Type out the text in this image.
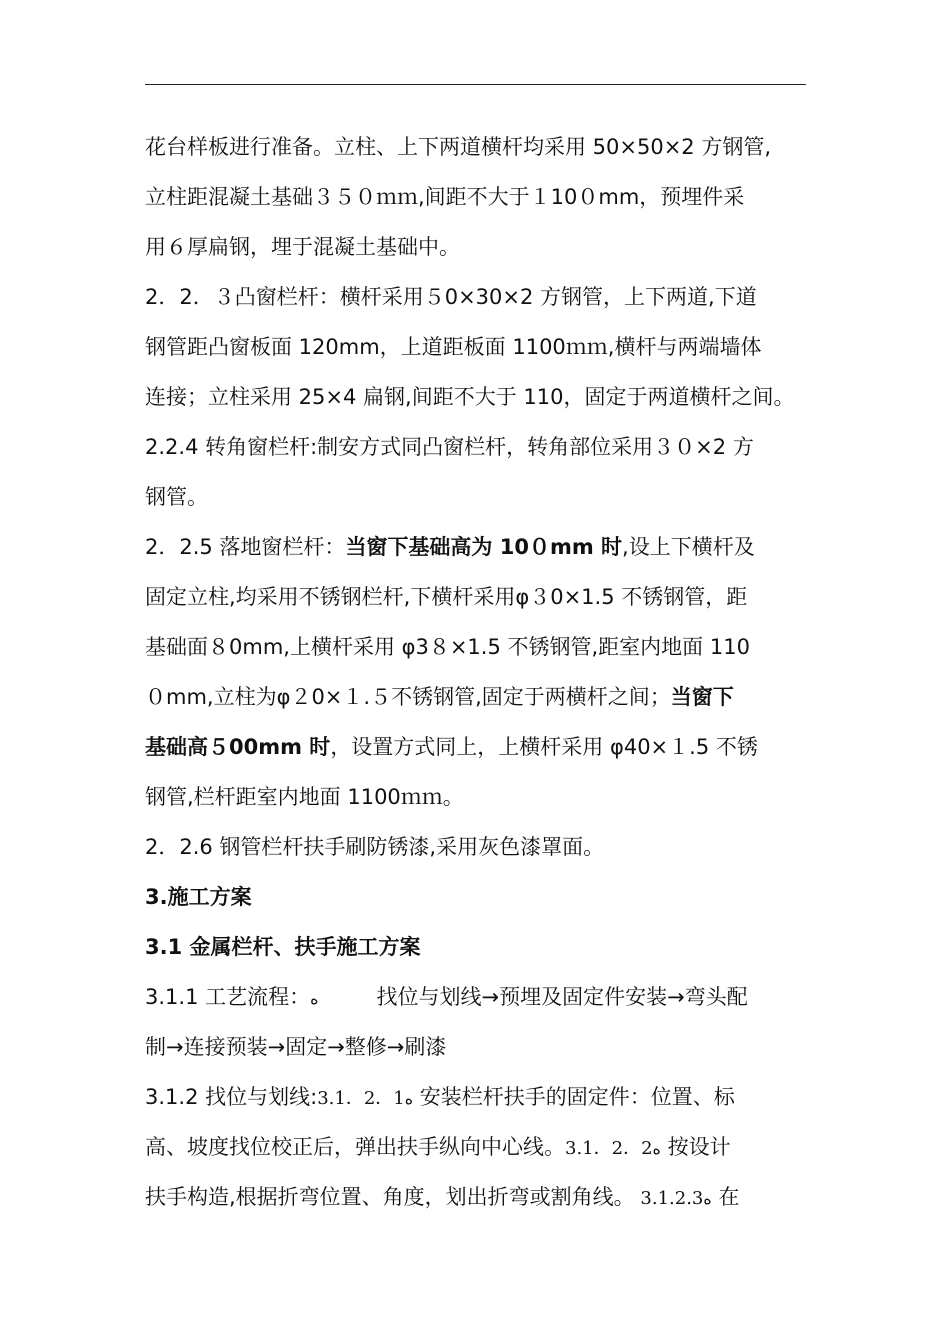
花台样板进行准备。立柱、上下两道横杆均采用 50×50×2 方钢管,
立柱距混凝土基础３５０ｍｍ,间距不大于１10０mm，预埋件采
用６厚扁钢，埋于混凝土基础中。
2．2．３凸窗栏杆：横杆采用５0×30×2 方钢管，上下两道,下道
钢管距凸窗板面 120mm，上道距板面 1100ｍｍ,横杆与两端墙体
连接；立柱采用 25×4 扁钢,间距不大于 110，固定于两道横杆之间。
2.2.4 转角窗栏杆:制安方式同凸窗栏杆，转角部位采用３０×2 方
钢管。
2．2.5 落地窗栏杆：当窗下基础高为 10０mm 时,设上下横杆及
固定立柱,均采用不锈钢栏杆,下横杆采用φ３0×1.5 不锈钢管，距
基础面８0mm,上横杆采用 φ3８×1.5 不锈钢管,距室内地面 110
０mm,立柱为φ２0×１.５不锈钢管,固定于两横杆之间；当窗下
基础高５00mm 时，设置方式同上，上横杆采用 φ40×１.5 不锈
钢管,栏杆距室内地面 1100ｍｍ。
2．2.6 钢管栏杆扶手刷防锈漆,采用灰色漆罩面。
3.施工方案
3.1 金属栏杆、扶手施工方案
3.1.1 工艺流程：ه	找位与划线→预埋及固定件安装→弯头配
制→连接预装→固定→整修→刷漆
3.1.2 找位与划线:3.1．2．1ه 安装栏杆扶手的固定件：位置、标
高、坡度找位校正后，弹出扶手纵向中心线。3.1．2．2ه 按设计
扶手构造,根据折弯位置、角度，划出折弯或割角线。 3.1.2.3ه 在
